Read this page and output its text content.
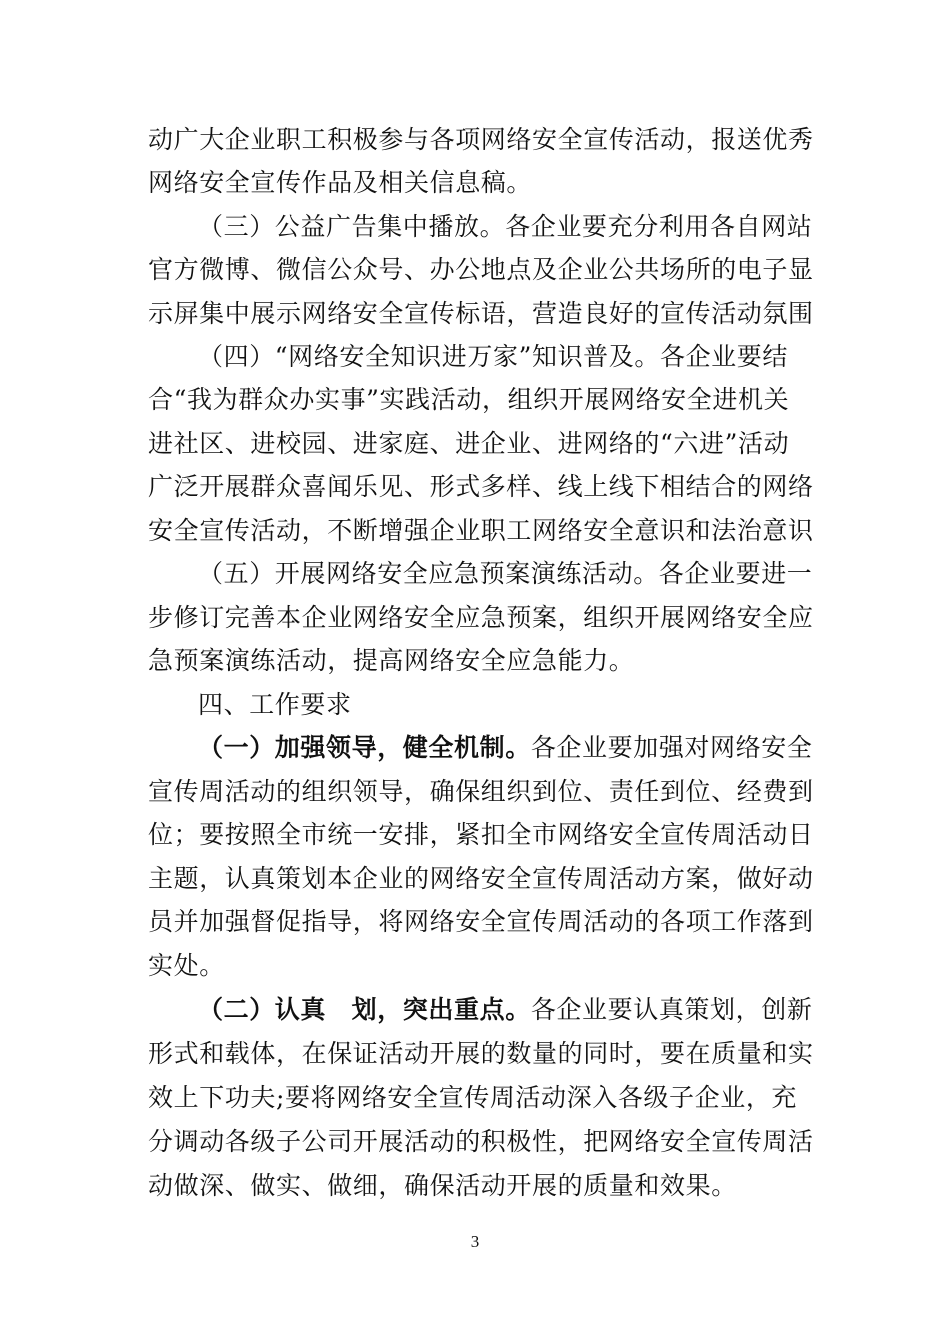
动广大企业职工积极参与各项网络安全宣传活动，报送优秀
网络安全宣传作品及相关信息稿。
（三）公益广告集中播放。各企业要充分利用各自网站
官方微博、微信公众号、办公地点及企业公共场所的电子显
示屏集中展示网络安全宣传标语，营造良好的宣传活动氛围
（四）“网络安全知识进万家”知识普及。各企业要结
合“我为群众办实事”实践活动，组织开展网络安全进机关
进社区、进校园、进家庭、进企业、进网络的“六进”活动
广泛开展群众喜闻乐见、形式多样、线上线下相结合的网络
安全宣传活动，不断增强企业职工网络安全意识和法治意识
（五）开展网络安全应急预案演练活动。各企业要进一
步修订完善本企业网络安全应急预案，组织开展网络安全应
急预案演练活动，提高网络安全应急能力。
四、工作要求
（一）加强领导，健全机制。各企业要加强对网络安全
宣传周活动的组织领导，确保组织到位、责任到位、经费到
位；要按照全市统一安排，紧扣全市网络安全宣传周活动日
主题，认真策划本企业的网络安全宣传周活动方案，做好动
员并加强督促指导，将网络安全宣传周活动的各项工作落到
实处。
（二）认真　划，突出重点。各企业要认真策划，创新
形式和载体，在保证活动开展的数量的同时，要在质量和实
效上下功夫;要将网络安全宣传周活动深入各级子企业，充
分调动各级子公司开展活动的积极性，把网络安全宣传周活
动做深、做实、做细，确保活动开展的质量和效果。
3
